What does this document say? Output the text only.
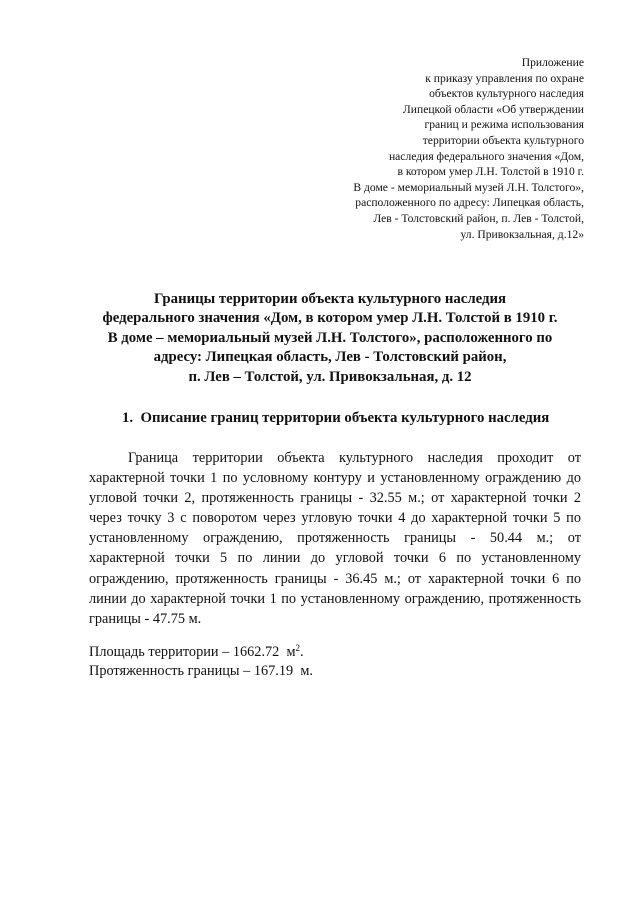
Приложение
к приказу управления по охране
объектов культурного наследия
Липецкой области «Об утверждении
границ и режима использования
территории объекта культурного
наследия федерального значения «Дом,
в котором умер Л.Н. Толстой в 1910 г.
В доме - мемориальный музей Л.Н. Толстого»,
расположенного по адресу: Липецкая область,
Лев - Толстовский район, п. Лев - Толстой,
ул. Привокзальная, д.12»
Границы территории объекта культурного наследия
федерального значения «Дом, в котором умер Л.Н. Толстой в 1910 г.
В доме – мемориальный музей Л.Н. Толстого», расположенного по
адресу: Липецкая область, Лев - Толстовский район,
п. Лев – Толстой, ул. Привокзальная, д. 12
1. Описание границ территории объекта культурного наследия

Граница территории объекта культурного наследия проходит от характерной точки 1 по условному контуру и установленному ограждению до угловой точки 2, протяженность границы - 32.55 м.; от характерной точки 2 через точку 3 с поворотом через угловую точки 4 до характерной точки 5 по установленному ограждению, протяженность границы - 50.44 м.; от характерной точки 5 по линии до угловой точки 6 по установленному ограждению, протяженность границы - 36.45 м.; от характерной точки 6 по линии до характерной точки 1 по установленному ограждению, протяженность границы - 47.75 м.

Площадь территории – 1662.72 $м^2$.
Протяженность границы – 167.19 м.
